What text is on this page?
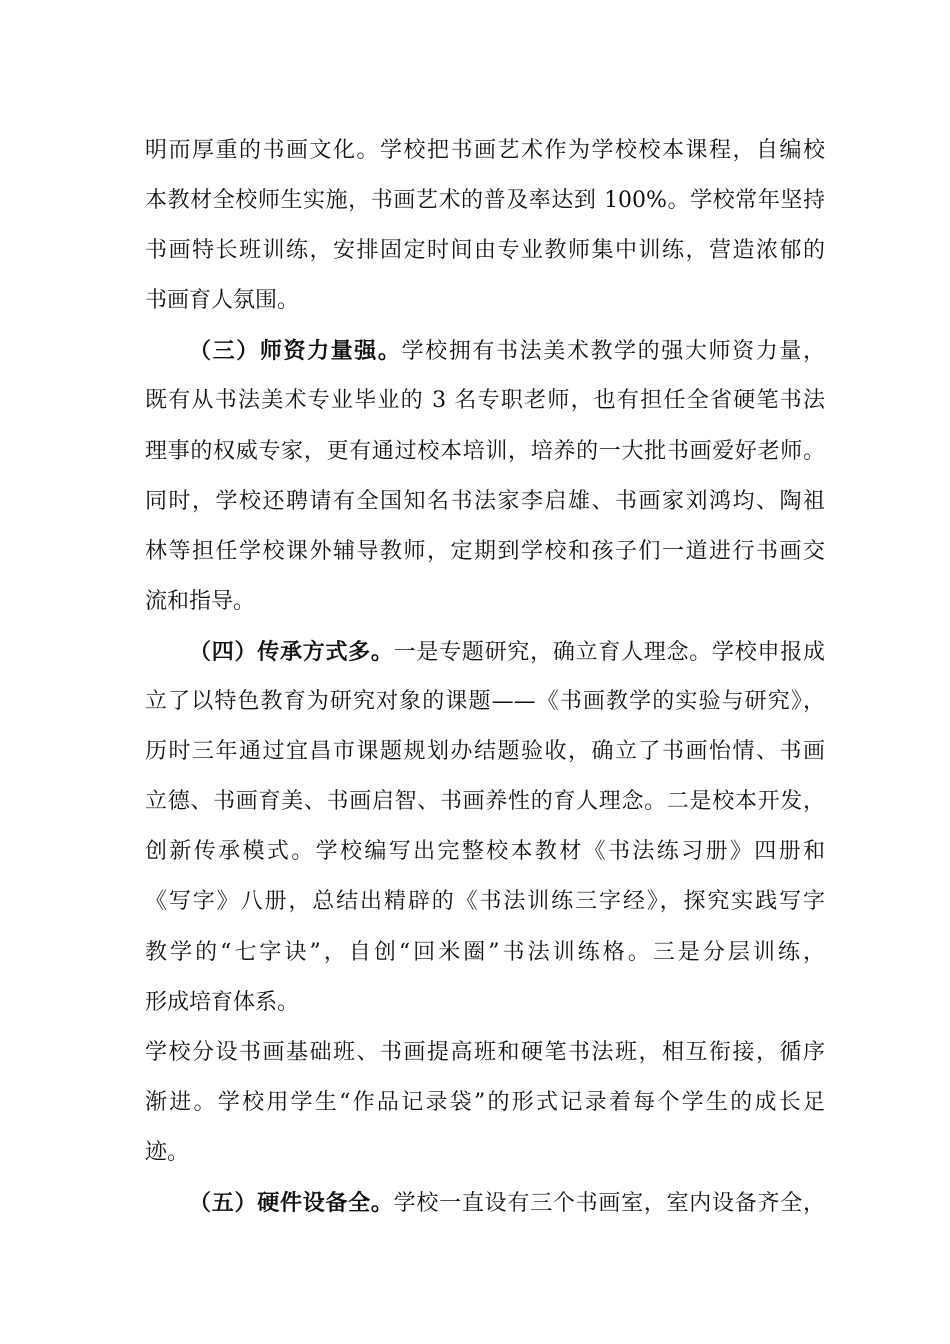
明而厚重的书画文化。学校把书画艺术作为学校校本课程，自编校
本教材全校师生实施，书画艺术的普及率达到 100%。学校常年坚持
书画特长班训练，安排固定时间由专业教师集中训练，营造浓郁的
书画育人氛围。
（三）师资力量强。学校拥有书法美术教学的强大师资力量，
既有从书法美术专业毕业的 3 名专职老师，也有担任全省硬笔书法
理事的权威专家，更有通过校本培训，培养的一大批书画爱好老师。
同时，学校还聘请有全国知名书法家李启雄、书画家刘鸿均、陶祖
林等担任学校课外辅导教师，定期到学校和孩子们一道进行书画交
流和指导。
（四）传承方式多。一是专题研究，确立育人理念。学校申报成
立了以特色教育为研究对象的课题——《书画教学的实验与研究》，
历时三年通过宜昌市课题规划办结题验收，确立了书画怡情、书画
立德、书画育美、书画启智、书画养性的育人理念。二是校本开发，
创新传承模式。学校编写出完整校本教材《书法练习册》四册和
《写字》八册，总结出精辟的《书法训练三字经》，探究实践写字
教学的“七字诀”，自创“回米圈”书法训练格。三是分层训练，
形成培育体系。
学校分设书画基础班、书画提高班和硬笔书法班，相互衔接，循序
渐进。学校用学生“作品记录袋”的形式记录着每个学生的成长足
迹。
（五）硬件设备全。学校一直设有三个书画室，室内设备齐全，
